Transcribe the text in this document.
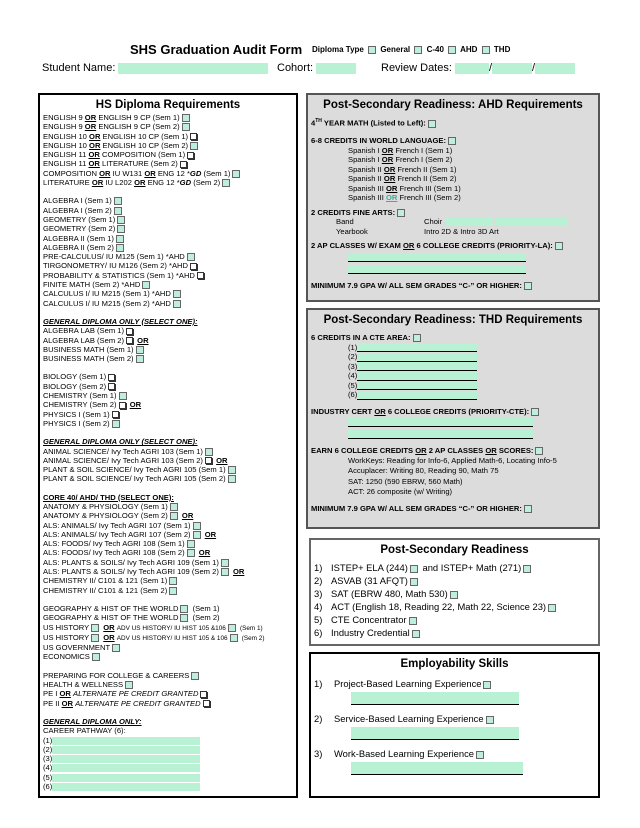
SHS Graduation Audit Form Diploma Type General C-40 AHD THD
Student Name:	Cohort:	Review Dates:	/	/
HS Diploma Requirements
ENGLISH 9 OR ENGLISH 9 CP (Sem 1)
ENGLISH 9 OR ENGLISH 9 CP (Sem 2)
ENGLISH 10 OR ENGLISH 10 CP (Sem 1)
ENGLISH 10 OR ENGLISH 10 CP (Sem 2)
ENGLISH 11 OR COMPOSITION (Sem 1)
ENGLISH 11 OR LITERATURE (Sem 2)
COMPOSITION OR IU W131 OR ENG 12 *GD (Sem 1)
LITERATURE OR IU L202 OR ENG 12 *GD (Sem 2)
ALGEBRA I (Sem 1)
ALGEBRA I (Sem 2)
GEOMETRY (Sem 1)
GEOMETRY (Sem 2)
ALGEBRA II (Sem 1)
ALGEBRA II (Sem 2)
PRE-CALCULUS/ IU M125 (Sem 1) *AHD
TIRGONOMETRY/ IU M126 (Sem 2) *AHD
PROBABILITY & STATISTICS (Sem 1) *AHD
FINITE MATH (Sem 2) *AHD
CALCULUS I/ IU M215 (Sem 1) *AHD
CALCULUS I/ IU M215 (Sem 2) *AHD
GENERAL DIPLOMA ONLY (SELECT ONE):
ALGEBRA LAB (Sem 1)
ALGEBRA LAB (Sem 2) OR
BUSINESS MATH (Sem 1)
BUSINESS MATH (Sem 2)
BIOLOGY (Sem 1)
BIOLOGY (Sem 2)
CHEMISTRY (Sem 1)
CHEMISTRY (Sem 2) OR
PHYSICS I (Sem 1)
PHYSICS I (Sem 2)
GENERAL DIPLOMA ONLY (SELECT ONE):
ANIMAL SCIENCE/ Ivy Tech AGRI 103 (Sem 1)
ANIMAL SCIENCE/ Ivy Tech AGRI 103 (Sem 2) OR
PLANT & SOIL SCIENCE/ Ivy Tech AGRI 105 (Sem 1)
PLANT & SOIL SCIENCE/ Ivy Tech AGRI 105 (Sem 2)
CORE 40/ AHD/ THD (SELECT ONE):
ANATOMY & PHYSIOLOGY (Sem 1)
ANATOMY & PHYSIOLOGY (Sem 2) OR
ALS: ANIMALS/ Ivy Tech AGRI 107 (Sem 1)
ALS: ANIMALS/ Ivy Tech AGRI 107 (Sem 2) OR
ALS: FOODS/ Ivy Tech AGRI 108 (Sem 1)
ALS: FOODS/ Ivy Tech AGRI 108 (Sem 2) OR
ALS: PLANTS & SOILS/ Ivy Tech AGRI 109 (Sem 1)
ALS: PLANTS & SOILS/ Ivy Tech AGRI 109 (Sem 2) OR
CHEMISTRY II/ C101 & 121 (Sem 1)
CHEMISTRY II/ C101 & 121 (Sem 2)
GEOGRAPHY & HIST OF THE WORLD (Sem 1)
GEOGRAPHY & HIST OF THE WORLD (Sem 2)
US HISTORY OR ADV US HISTORY/ IU HIST 105 &106 (Sem 1)
US HISTORY OR ADV US HISTORY/ IU HIST 105 & 106 (Sem 2)
US GOVERNMENT
ECONOMICS
PREPARING FOR COLLEGE & CAREERS
HEALTH & WELLNESS
PE I OR ALTERNATE PE CREDIT GRANTED
PE II OR ALTERNATE PE CREDIT GRANTED
GENERAL DIPLOMA ONLY:
CAREER PATHWAY (6):
(1)
(2)
(3)
(4)
(5)
(6)
Post-Secondary Readiness: AHD Requirements
4TH YEAR MATH (Listed to Left):
6-8 CREDITS IN WORLD LANGUAGE:
Spanish I OR French I (Sem 1)
Spanish I OR French I (Sem 2)
Spanish II OR French II (Sem 1)
Spanish II OR French II (Sem 2)
Spanish III OR French III (Sem 1)
Spanish III OR French III (Sem 2)
2 CREDITS FINE ARTS:
Band	Choir
Yearbook	Intro 2D & Intro 3D Art
2 AP CLASSES W/ EXAM OR 6 COLLEGE CREDITS (PRIORITY-LA):
MINIMUM 7.9 GPA W/ ALL SEM GRADES “C-” OR HIGHER:
Post-Secondary Readiness: THD Requirements
6 CREDITS IN A CTE AREA:
(1)
(2)
(3)
(4)
(5)
(6)
INDUSTRY CERT OR 6 COLLEGE CREDITS (PRIORITY-CTE):
EARN 6 COLLEGE CREDITS OR 2 AP CLASSES OR SCORES:
WorkKeys: Reading for Info-6, Applied Math-6, Locating Info-5
Accuplacer: Writing 80, Reading 90, Math 75
SAT: 1250 (590 EBRW, 560 Math)
ACT: 26 composite (w/ Writing)
MINIMUM 7.9 GPA W/ ALL SEM GRADES “C-” OR HIGHER:
Post-Secondary Readiness
1) ISTEP+ ELA (244) and ISTEP+ Math (271)
2) ASVAB (31 AFQT)
3) SAT (EBRW 480, Math 530)
4) ACT (English 18, Reading 22, Math 22, Science 23)
5) CTE Concentrator
6) Industry Credential
Employability Skills
1) Project-Based Learning Experience
2) Service-Based Learning Experience
3) Work-Based Learning Experience
